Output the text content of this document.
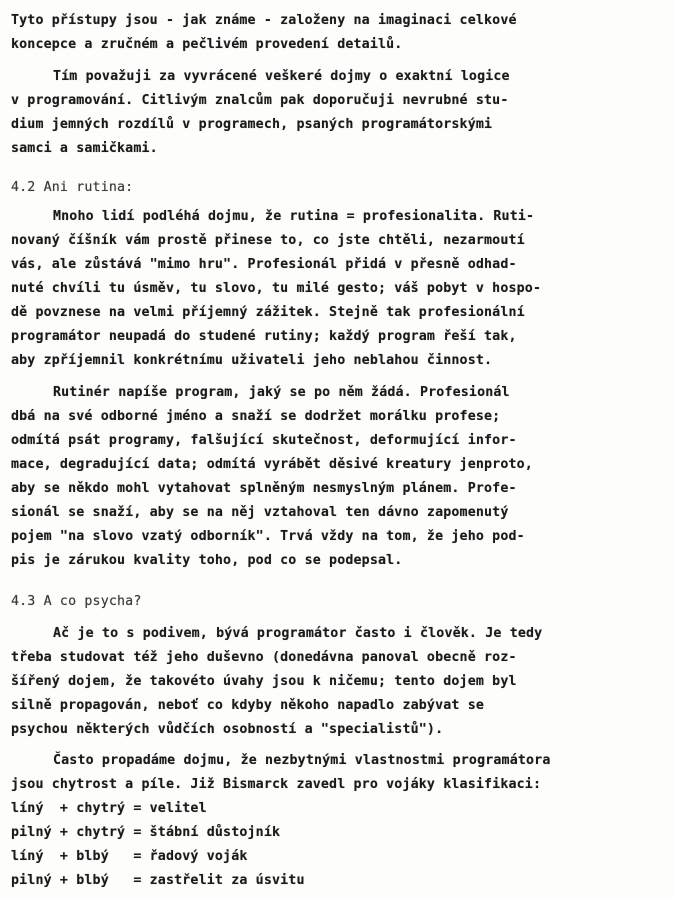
Tyto přístupy jsou - jak známe - založeny na imaginaci celkové
koncepce a zručném a pečlivém provedení detailů.
Tím považuji za vyvrácené veškeré dojmy o exaktní logice
v programování. Citlivým znalcům pak doporučuji nevrubné stu-
dium jemných rozdílů v programech, psaných programátorskými
samci a samičkami.
4.2 Ani rutina:
Mnoho lidí podléhá dojmu, že rutina = profesionalita. Ruti-
novaný číšník vám prostě přinese to, co jste chtěli, nezarmoutí
vás, ale zůstává "mimo hru". Profesionál přidá v přesně odhad-
nuté chvíli tu úsměv, tu slovo, tu milé gesto; váš pobyt v hospo-
dě povznese na velmi příjemný zážitek. Stejně tak profesionální
programátor neupadá do studené rutiny; každý program řeší tak,
aby zpříjemnil konkrétnímu uživateli jeho neblahou činnost.
Rutinér napíše program, jaký se po něm žádá. Profesionál
dbá na své odborné jméno a snaží se dodržet morálku profese;
odmítá psát programy, falšující skutečnost, deformující infor-
mace, degradující data; odmítá vyrábět děsivé kreatury jenproto,
aby se někdo mohl vytahovat splněným nesmyslným plánem. Profe-
sionál se snaží, aby se na něj vztahoval ten dávno zapomenutý
pojem "na slovo vzatý odborník". Trvá vždy na tom, že jeho pod-
pis je zárukou kvality toho, pod co se podepsal.
4.3 A co psycha?
Ač je to s podivem, bývá programátor často i člověk. Je tedy
třeba studovat též jeho duševno (donedávna panoval obecně roz-
šířený dojem, že takovéto úvahy jsou k ničemu; tento dojem byl
silně propagován, neboť co kdyby někoho napadlo zabývat se
psychou některých vůdčích osobností a "specialistů").
Často propadáme dojmu, že nezbytnými vlastnostmi programátora
jsou chytrost a píle. Již Bismarck zavedl pro vojáky klasifikaci:
líný  + chytrý = velitel
pilný + chytrý = štábní důstojník
líný  + blbý   = řadový voják
pilný + blbý   = zastřelit za úsvitu
